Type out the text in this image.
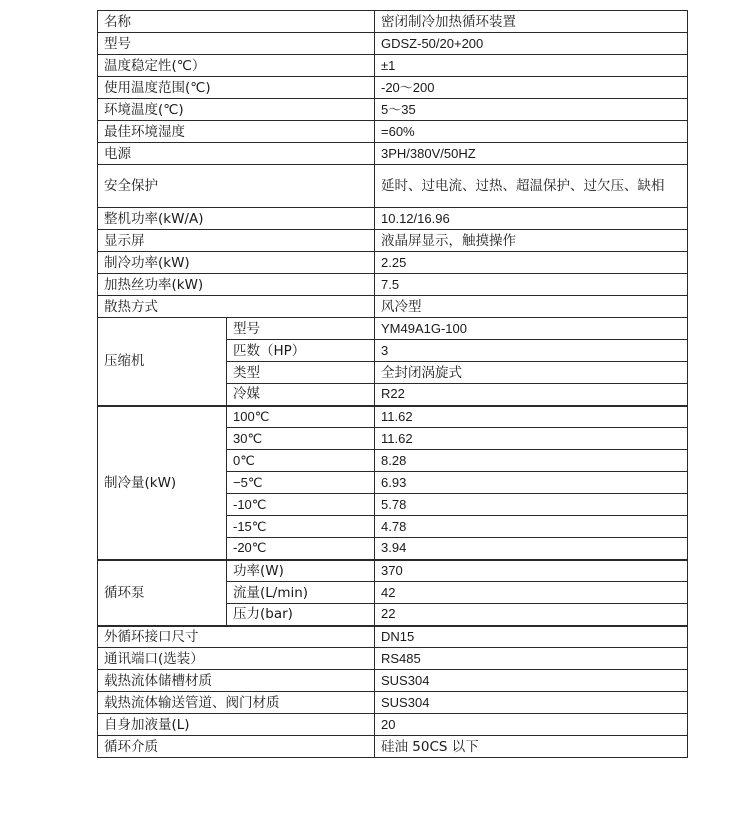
名称		密闭制冷加热循环装置
型号		GDSZ-50/20+200
温度稳定性(℃）		±1
使用温度范围(℃)		-20～200
环境温度(℃)		5～35
最佳环境湿度		=60%
电源		3PH/380V/50HZ
安全保护		延时、过电流、过热、超温保护、过欠压、缺相
整机功率(kW/A)		10.12/16.96
显示屏		液晶屏显示，触摸操作
制冷功率(kW)		2.25
加热丝功率(kW)		7.5
散热方式		风冷型
压缩机	型号	YM49A1G-100
	匹数（HP）	3
	类型	全封闭涡旋式
	冷媒	R22
制冷量(kW)	100℃	11.62
	30℃	11.62
	0℃	8.28
	−5℃	6.93
	-10℃	5.78
	-15℃	4.78
	-20℃	3.94
循环泵	功率(W)	370
	流量(L/min)	42
	压力(bar)	22
外循环接口尺寸		DN15
通讯端口(选装）		RS485
载热流体储槽材质		SUS304
载热流体输送管道、阀门材质		SUS304
自身加液量(L)		20
循环介质		硅油 50CS 以下
